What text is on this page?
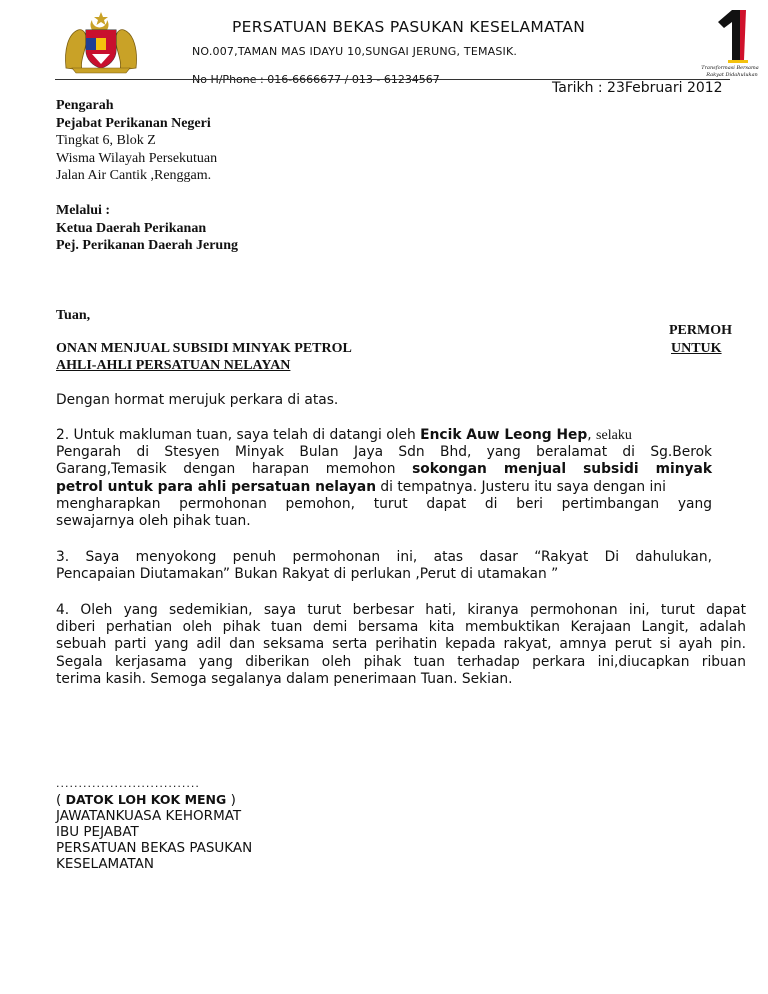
Transformasi Bersama
Rakyat Didahulukan
PERSATUAN BEKAS PASUKAN KESELAMATAN
NO.007,TAMAN MAS IDAYU 10,SUNGAI JERUNG, TEMASIK.
No H/Phone : 016-6666677 / 013 - 61234567
Tarikh : 23Februari 2012
Pengarah
Pejabat Perikanan Negeri
Tingkat 6, Blok Z
Wisma Wilayah Persekutuan
Jalan Air Cantik ,Renggam.
Melalui :
Ketua Daerah Perikanan
Pej. Perikanan Daerah Jerung
Tuan,
PERMOH
ONAN MENJUAL SUBSIDI MINYAK PETROL	UNTUK
AHLI-AHLI PERSATUAN NELAYAN
Dengan hormat merujuk perkara di atas.
2. Untuk makluman tuan, saya telah di datangi oleh Encik Auw Leong Hep, selaku
Pengarah di Stesyen Minyak Bulan Jaya Sdn Bhd, yang beralamat di Sg.Berok
Garang,Temasik dengan harapan memohon sokongan menjual subsidi minyak
petrol untuk para ahli persatuan nelayan di tempatnya. Justeru itu saya dengan ini
mengharapkan permohonan pemohon, turut dapat di beri pertimbangan yang
sewajarnya oleh pihak tuan.
3. Saya menyokong penuh permohonan ini, atas dasar “Rakyat Di dahulukan,
Pencapaian Diutamakan” Bukan Rakyat di perlukan ,Perut di utamakan ”
4. Oleh yang sedemikian, saya turut berbesar hati, kiranya permohonan ini, turut dapat
diberi perhatian oleh pihak tuan demi bersama kita membuktikan Kerajaan Langit, adalah
sebuah parti yang adil dan seksama serta perihatin kepada rakyat, amnya perut si ayah pin.
Segala kerjasama yang diberikan oleh pihak tuan terhadap perkara ini,diucapkan ribuan
terima kasih. Semoga segalanya dalam penerimaan Tuan. Sekian.
................................
( DATOK LOH KOK MENG )
JAWATANKUASA KEHORMAT
IBU PEJABAT
PERSATUAN BEKAS PASUKAN
KESELAMATAN
